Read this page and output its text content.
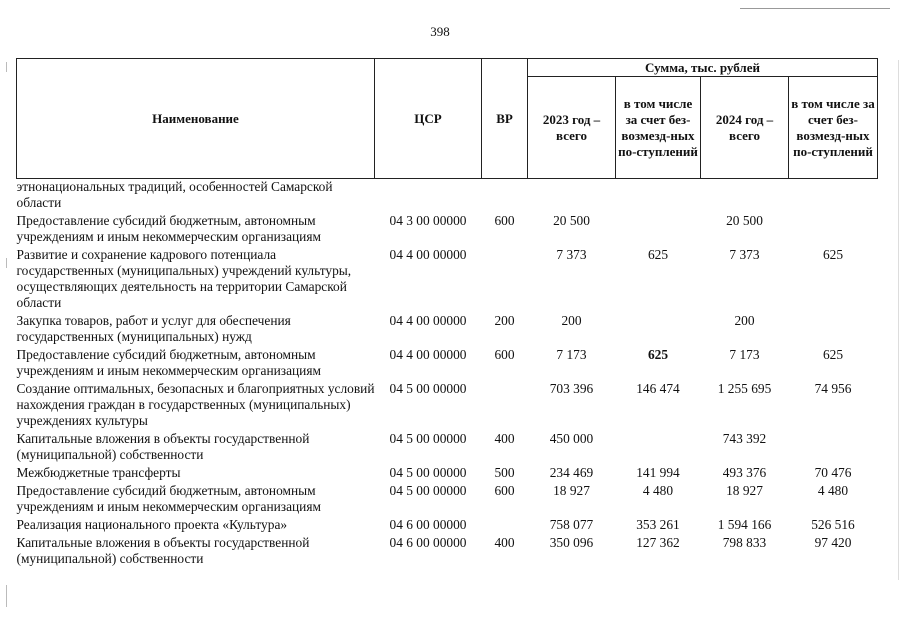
398
Наименование	ЦСР	ВР	Сумма, тыс. рублей			
			2023 год – всего	в том числе за счет без-возмезд-ных по-ступлений	2024 год – всего	в том числе за счет без-возмезд-ных по-ступлений
этнонациональных традиций, особенностей Самарской области						
Предоставление субсидий бюджетным, автономным учреждениям и иным некоммерческим организациям	04 3 00 00000	600	20 500		20 500	
Развитие и сохранение кадрового потенциала государственных (муниципальных) учреждений культуры, осуществляющих деятельность на территории Самарской области	04 4 00 00000		7 373	625	7 373	625
Закупка товаров, работ и услуг для обеспечения государственных (муниципальных) нужд	04 4 00 00000	200	200		200	
Предоставление субсидий бюджетным, автономным учреждениям и иным некоммерческим организациям	04 4 00 00000	600	7 173	625	7 173	625
Создание оптимальных, безопасных и благоприятных условий нахождения граждан в государственных (муниципальных) учреждениях культуры	04 5 00 00000		703 396	146 474	1 255 695	74 956
Капитальные вложения в объекты государственной (муниципальной) собственности	04 5 00 00000	400	450 000		743 392	
Межбюджетные трансферты	04 5 00 00000	500	234 469	141 994	493 376	70 476
Предоставление субсидий бюджетным, автономным учреждениям и иным некоммерческим организациям	04 5 00 00000	600	18 927	4 480	18 927	4 480
Реализация национального проекта «Культура»	04 6 00 00000		758 077	353 261	1 594 166	526 516
Капитальные вложения в объекты государственной (муниципальной) собственности	04 6 00 00000	400	350 096	127 362	798 833	97 420
